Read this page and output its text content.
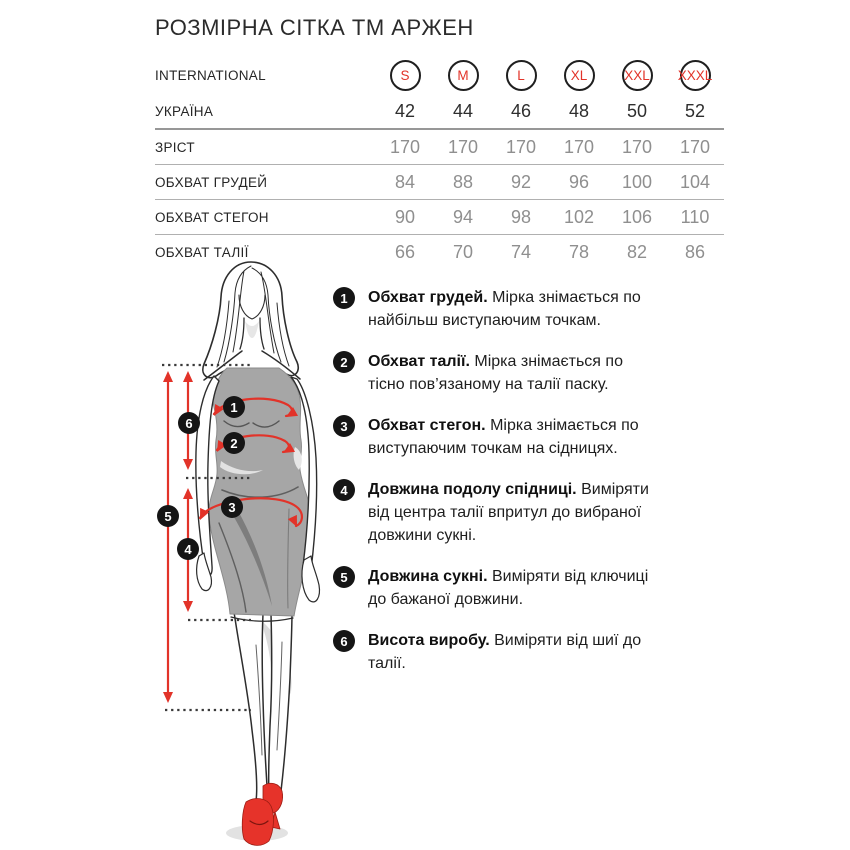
РОЗМІРНА СІТКА ТМ АРЖЕН
INTERNATIONAL	S	M	L	XL	XXL XXXL
УКРАЇНА	42 44 46 48 50 52
ЗРІСТ	170 170 170 170 170 170
ОБХВАТ ГРУДЕЙ	84 88 92 96 100 104
ОБХВАТ СТЕГОН	90 94 98 102 106 110
ОБХВАТ ТАЛІЇ	66 70 74 78 82 86
1
2
3
4
5
6
1	Обхват грудей. Мірка знімається по найбільш виступаючим точкам.

2	Обхват талії. Мірка знімається по тісно пов’язаному на талії паску.

3	Обхват стегон. Мірка знімається по виступаючим точкам на сідницях.

4	Довжина подолу спідниці. Виміряти від центра талії впритул до вибраної довжини сукні.

5	Довжина сукні. Виміряти від ключиці до бажаної довжини.

6	Висота виробу. Виміряти від шиї до талії.
